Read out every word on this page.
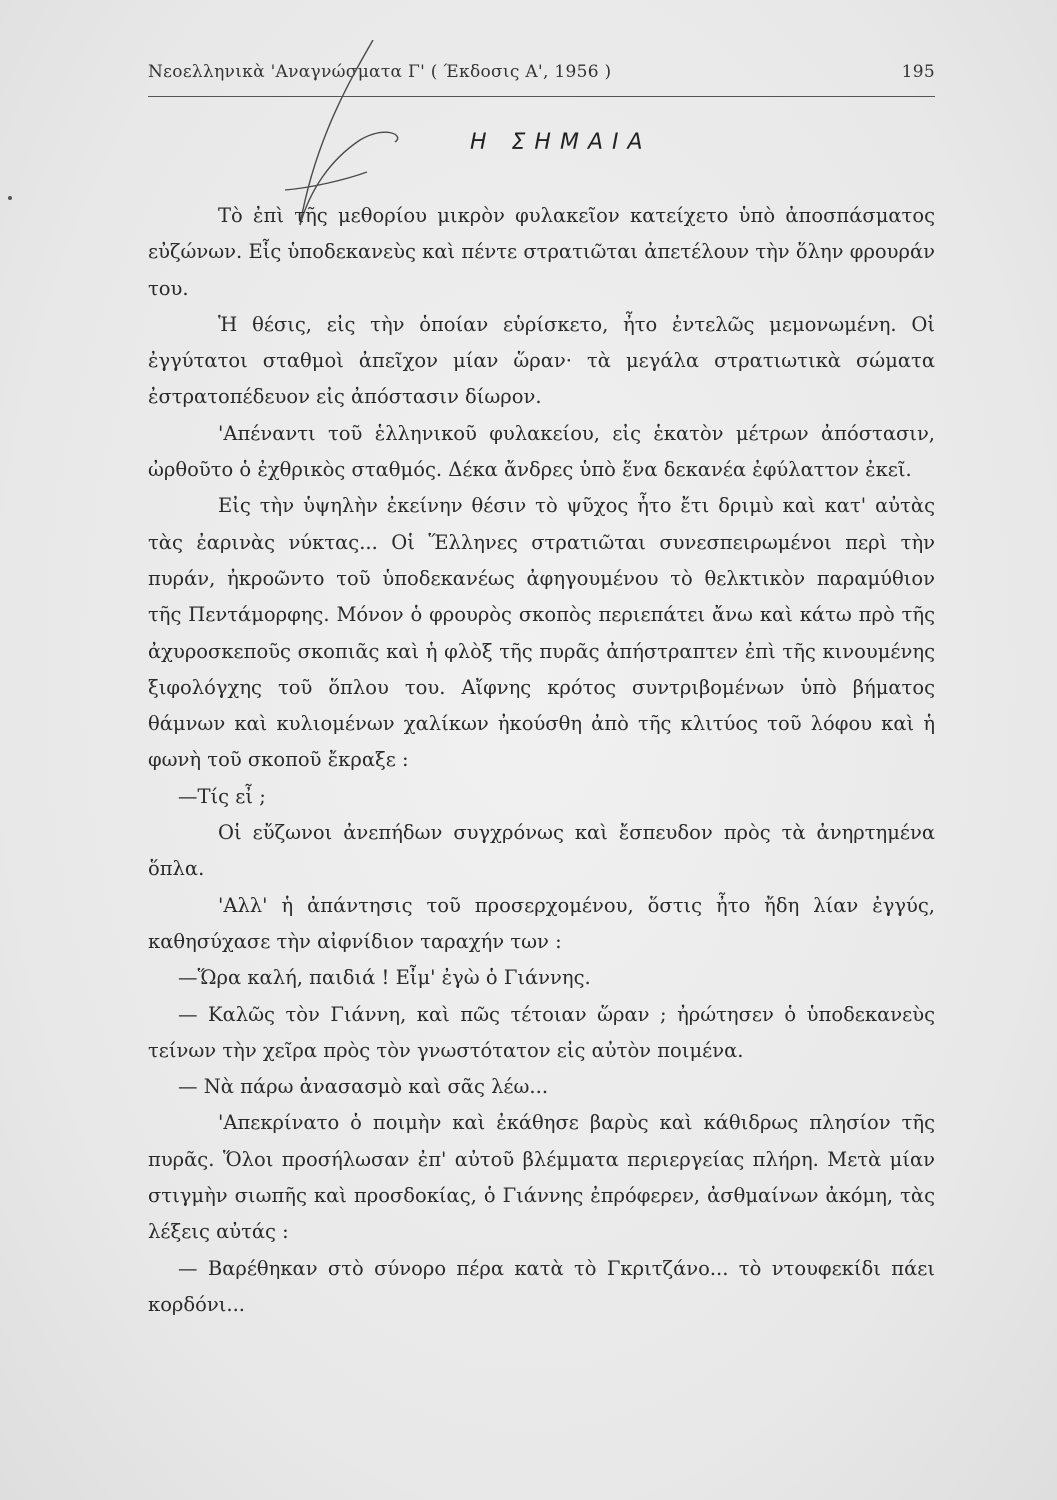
Νεοελληνικὰ 'Αναγνώσματα Γ' ( Έκδοσις Α', 1956 )	195
Η ΣΗΜΑΙΑ

Τὸ ἐπὶ τῆς μεθορίου μικρὸν φυλακεῖον κατείχετο ὑπὸ ἀποσπάσματος εὐζώνων. Εἷς ὑποδεκανεὺς καὶ πέντε στρατιῶται ἀπετέλουν τὴν ὅλην φρουράν του.

Ἡ θέσις, εἰς τὴν ὁποίαν εὑρίσκετο, ἦτο ἐντελῶς μεμονωμένη. Οἱ ἐγγύτατοι σταθμοὶ ἀπεῖχον μίαν ὥραν· τὰ μεγάλα στρατιωτικὰ σώματα ἐστρατοπέδευον εἰς ἀπόστασιν δίωρον.

'Απέναντι τοῦ ἑλληνικοῦ φυλακείου, εἰς ἑκατὸν μέτρων ἀπόστασιν, ὠρθοῦτο ὁ ἐχθρικὸς σταθμός. Δέκα ἄνδρες ὑπὸ ἕνα δεκανέα ἐφύλαττον ἐκεῖ.

Εἰς τὴν ὑψηλὴν ἐκείνην θέσιν τὸ ψῦχος ἦτο ἔτι δριμὺ καὶ κατ' αὐτὰς τὰς ἐαρινὰς νύκτας... Οἱ Ἕλληνες στρατιῶται συνεσπειρωμένοι περὶ τὴν πυράν, ἠκροῶντο τοῦ ὑποδεκανέως ἀφηγουμένου τὸ θελκτικὸν παραμύθιον τῆς Πεντάμορφης. Μόνον ὁ φρουρὸς σκοπὸς περιεπάτει ἄνω καὶ κάτω πρὸ τῆς ἀχυροσκεποῦς σκοπιᾶς καὶ ἡ φλὸξ τῆς πυρᾶς ἀπήστραπτεν ἐπὶ τῆς κινουμένης ξιφολόγχης τοῦ ὅπλου του. Αἴφνης κρότος συντριβομένων ὑπὸ βήματος θάμνων καὶ κυλιομένων χαλίκων ἠκούσθη ἀπὸ τῆς κλιτύος τοῦ λόφου καὶ ἡ φωνὴ τοῦ σκοποῦ ἔκραξε :

—Τίς εἶ ;

Οἱ εὔζωνοι ἀνεπήδων συγχρόνως καὶ ἔσπευδον πρὸς τὰ ἀνηρτημένα ὅπλα.

'Αλλ' ἡ ἀπάντησις τοῦ προσερχομένου, ὅστις ἦτο ἤδη λίαν ἐγγύς, καθησύχασε τὴν αἰφνίδιον ταραχήν των :

—Ὥρα καλή, παιδιά ! Εἶμ' ἐγὼ ὁ Γιάννης.

— Καλῶς τὸν Γιάννη, καὶ πῶς τέτοιαν ὥραν ; ἠρώτησεν ὁ ὑποδεκανεὺς τείνων τὴν χεῖρα πρὸς τὸν γνωστότατον εἰς αὐτὸν ποιμένα.

— Νὰ πάρω ἀνασασμὸ καὶ σᾶς λέω...

'Απεκρίνατο ὁ ποιμὴν καὶ ἐκάθησε βαρὺς καὶ κάθιδρως πλησίον τῆς πυρᾶς. Ὅλοι προσήλωσαν ἐπ' αὐτοῦ βλέμματα περιεργείας πλήρη. Μετὰ μίαν στιγμὴν σιωπῆς καὶ προσδοκίας, ὁ Γιάννης ἐπρόφερεν, ἀσθμαίνων ἀκόμη, τὰς λέξεις αὐτάς :

— Βαρέθηκαν στὸ σύνορο πέρα κατὰ τὸ Γκριτζάνο... τὸ ντουφεκίδι πάει κορδόνι...
